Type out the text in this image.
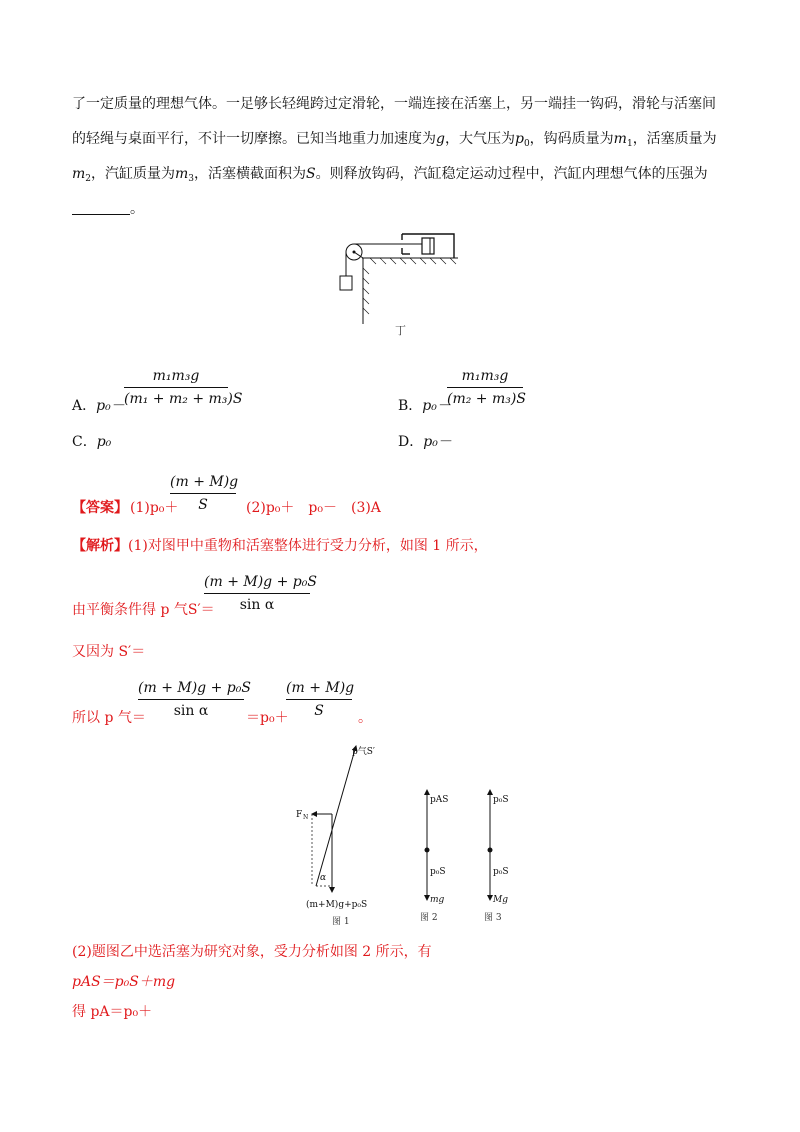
了一定质量的理想气体。一足够长轻绳跨过定滑轮，一端连接在活塞上，另一端挂一钩码，滑轮与活塞间
的轻绳与桌面平行，不计一切摩擦。已知当地重力加速度为g，大气压为$p_0$，钩码质量为$m_1$，活塞质量为
$m_2$，汽缸质量为$m_3$，活塞横截面积为S。则释放钩码，汽缸稳定运动过程中，汽缸内理想气体的压强为
。
丁
A．p₀－
m₁m₃g
(m₁ + m₂ + m₃)S	B．p₀－
m₁m₃g
(m₂ + m₃)S
C．p₀	D．p₀－
【答案】 (1)p₀＋
(m + M)g
S	(2)p₀＋　p₀－　(3)A
【解析】(1)对图甲中重物和活塞整体进行受力分析，如图 1 所示，
由平衡条件得 p 气S′＝
(m + M)g + p₀S
sin α
又因为 S′＝
所以 p 气＝
(m + M)g + p₀S
sin α	＝p₀＋
(m + M)g
S	。
p气S′
F N
α
(m+M)g+p₀S
图 1
pAS
p₀S
mg
图 2
p₀S
p₀S
Mg
图 3
(2)题图乙中选活塞为研究对象，受力分析如图 2 所示，有
pAS＝p₀S＋mg
得 pA＝p₀＋
